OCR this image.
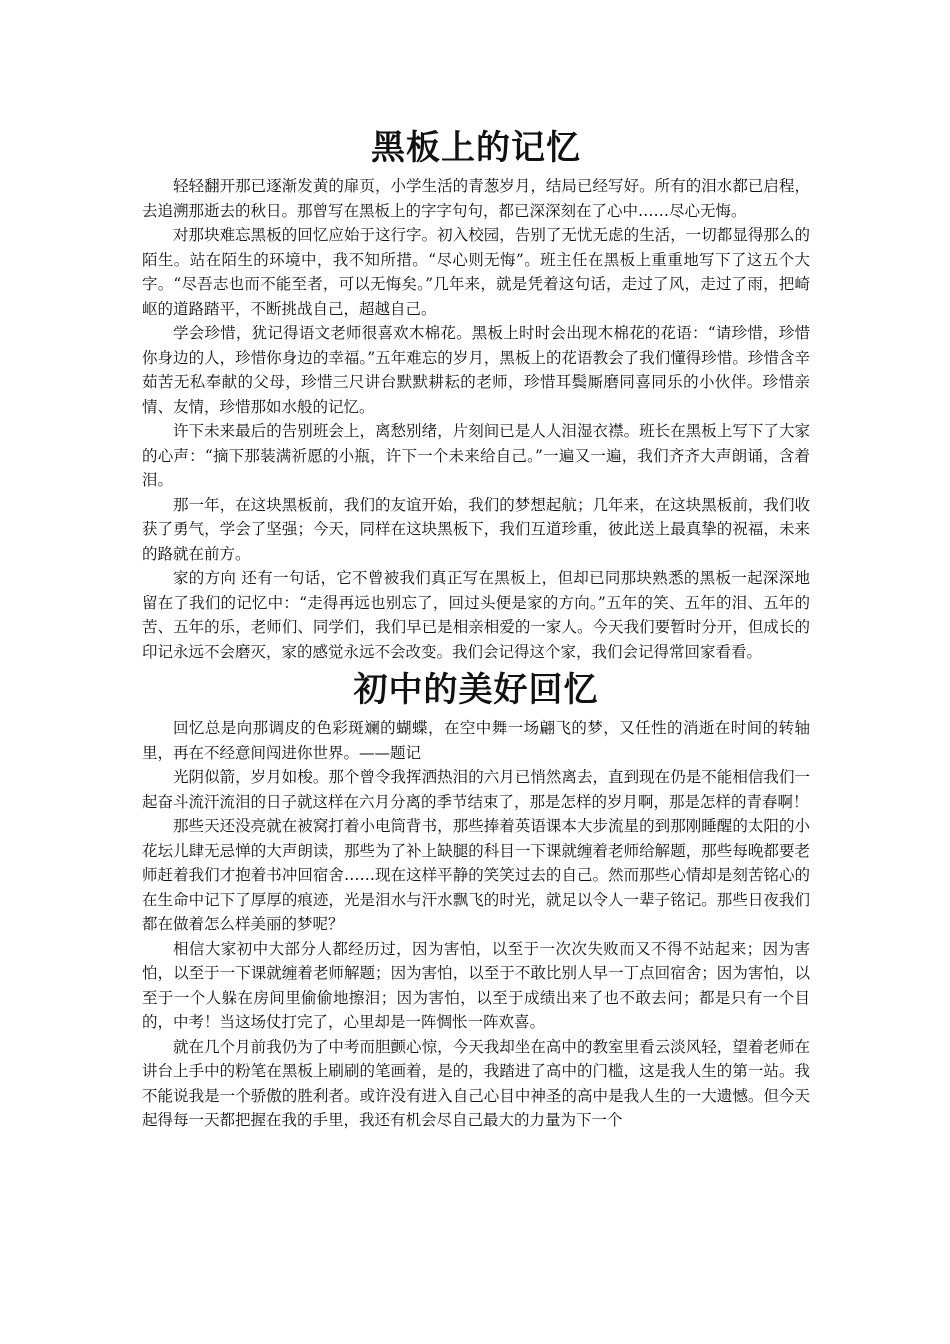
黑板上的记忆

轻轻翻开那已逐渐发黄的扉页，小学生活的青葱岁月，结局已经写好。所有的泪水都已启程，去追溯那逝去的秋日。那曾写在黑板上的字字句句，都已深深刻在了心中……尽心无悔。

对那块难忘黑板的回忆应始于这行字。初入校园，告别了无忧无虑的生活，一切都显得那么的陌生。站在陌生的环境中，我不知所措。“尽心则无悔”。班主任在黑板上重重地写下了这五个大字。“尽吾志也而不能至者，可以无悔矣。”几年来，就是凭着这句话，走过了风，走过了雨，把崎岖的道路踏平，不断挑战自己，超越自己。

学会珍惜，犹记得语文老师很喜欢木棉花。黑板上时时会出现木棉花的花语：“请珍惜，珍惜你身边的人，珍惜你身边的幸福。”五年难忘的岁月，黑板上的花语教会了我们懂得珍惜。珍惜含辛茹苦无私奉献的父母，珍惜三尺讲台默默耕耘的老师，珍惜耳鬓厮磨同喜同乐的小伙伴。珍惜亲情、友情，珍惜那如水般的记忆。

许下未来最后的告别班会上，离愁别绪，片刻间已是人人泪湿衣襟。班长在黑板上写下了大家的心声：“摘下那装满祈愿的小瓶，许下一个未来给自己。”一遍又一遍，我们齐齐大声朗诵，含着泪。

那一年，在这块黑板前，我们的友谊开始，我们的梦想起航；几年来，在这块黑板前，我们收获了勇气，学会了坚强；今天，同样在这块黑板下，我们互道珍重，彼此送上最真挚的祝福，未来的路就在前方。

家的方向 还有一句话，它不曾被我们真正写在黑板上，但却已同那块熟悉的黑板一起深深地留在了我们的记忆中：“走得再远也别忘了，回过头便是家的方向。”五年的笑、五年的泪、五年的苦、五年的乐，老师们、同学们，我们早已是相亲相爱的一家人。今天我们要暂时分开，但成长的印记永远不会磨灭，家的感觉永远不会改变。我们会记得这个家，我们会记得常回家看看。

初中的美好回忆

回忆总是向那调皮的色彩斑斓的蝴蝶，在空中舞一场翩飞的梦，又任性的消逝在时间的转轴里，再在不经意间闯进你世界。——题记

光阴似箭，岁月如梭。那个曾令我挥洒热泪的六月已悄然离去，直到现在仍是不能相信我们一起奋斗流汗流泪的日子就这样在六月分离的季节结束了，那是怎样的岁月啊，那是怎样的青春啊！

那些天还没亮就在被窝打着小电筒背书，那些捧着英语课本大步流星的到那刚睡醒的太阳的小花坛儿肆无忌惮的大声朗读，那些为了补上缺腿的科目一下课就缠着老师给解题，那些每晚都要老师赶着我们才抱着书冲回宿舍……现在这样平静的笑笑过去的自己。然而那些心情却是刻苦铭心的在生命中记下了厚厚的痕迹，光是泪水与汗水飘飞的时光，就足以令人一辈子铭记。那些日夜我们都在做着怎么样美丽的梦呢？

相信大家初中大部分人都经历过，因为害怕，以至于一次次失败而又不得不站起来；因为害怕，以至于一下课就缠着老师解题；因为害怕，以至于不敢比别人早一丁点回宿舍；因为害怕，以至于一个人躲在房间里偷偷地擦泪；因为害怕，以至于成绩出来了也不敢去问；都是只有一个目的，中考！当这场仗打完了，心里却是一阵惆怅一阵欢喜。

就在几个月前我仍为了中考而胆颤心惊，今天我却坐在高中的教室里看云淡风轻，望着老师在讲台上手中的粉笔在黑板上刷刷的笔画着，是的，我踏进了高中的门槛，这是我人生的第一站。我不能说我是一个骄傲的胜利者。或许没有进入自己心目中神圣的高中是我人生的一大遗憾。但今天起得每一天都把握在我的手里，我还有机会尽自己最大的力量为下一个
